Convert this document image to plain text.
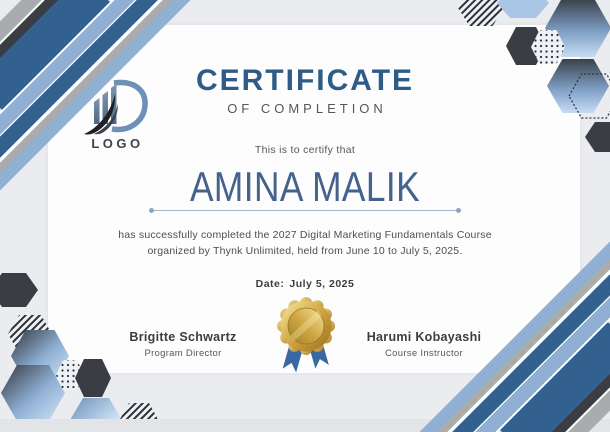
LOGO
CERTIFICATE
OF COMPLETION
This is to certify that
AMINA MALIK
has successfully completed the 2027 Digital Marketing Fundamentals Course
organized by Thynk Unlimited, held from June 10 to July 5, 2025.
Date: July 5, 2025
Brigitte Schwartz
Program Director
Harumi Kobayashi
Course Instructor
